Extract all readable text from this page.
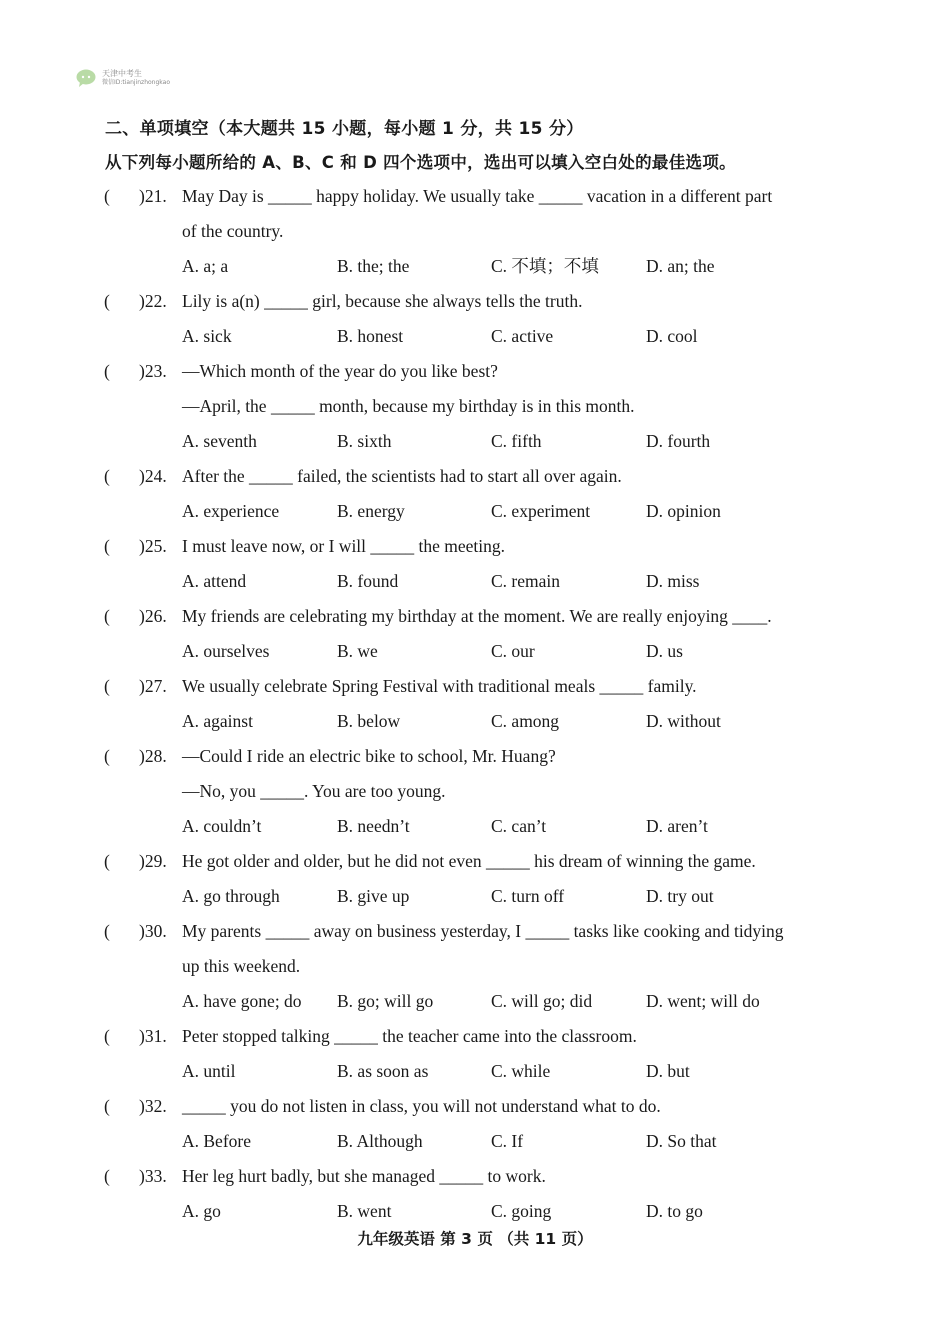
天津中考生
微信ID:tianjinzhongkao
二、单项填空（本大题共 15 小题，每小题 1 分，共 15 分）
从下列每小题所给的 A、B、C 和 D 四个选项中，选出可以填入空白处的最佳选项。
( )21. May Day is _____ happy holiday. We usually take _____ vacation in a different part
of the country.
A. a; a	B. the; the	C. 不填；不填	D. an; the
( )22. Lily is a(n) _____ girl, because she always tells the truth.
A. sick	B. honest	C. active	D. cool
( )23. —Which month of the year do you like best?
—April, the _____ month, because my birthday is in this month.
A. seventh	B. sixth	C. fifth	D. fourth
( )24. After the _____ failed, the scientists had to start all over again.
A. experience	B. energy	C. experiment	D. opinion
( )25. I must leave now, or I will _____ the meeting.
A. attend	B. found	C. remain	D. miss
( )26. My friends are celebrating my birthday at the moment. We are really enjoying ____.
A. ourselves	B. we	C. our	D. us
( )27. We usually celebrate Spring Festival with traditional meals _____ family.
A. against	B. below	C. among	D. without
( )28. —Could I ride an electric bike to school, Mr. Huang?
—No, you _____. You are too young.
A. couldn’t	B. needn’t	C. can’t	D. aren’t
( )29. He got older and older, but he did not even _____ his dream of winning the game.
A. go through	B. give up	C. turn off	D. try out
( )30. My parents _____ away on business yesterday, I _____ tasks like cooking and tidying
up this weekend.
A. have gone; do B. go; will go	C. will go; did	D. went; will do
( )31. Peter stopped talking _____ the teacher came into the classroom.
A. until	B. as soon as	C. while	D. but
( )32. _____ you do not listen in class, you will not understand what to do.
A. Before	B. Although	C. If	D. So that
( )33. Her leg hurt badly, but she managed _____ to work.
A. go	B. went	C. going	D. to go
九年级英语 第 3 页 （共 11 页）
